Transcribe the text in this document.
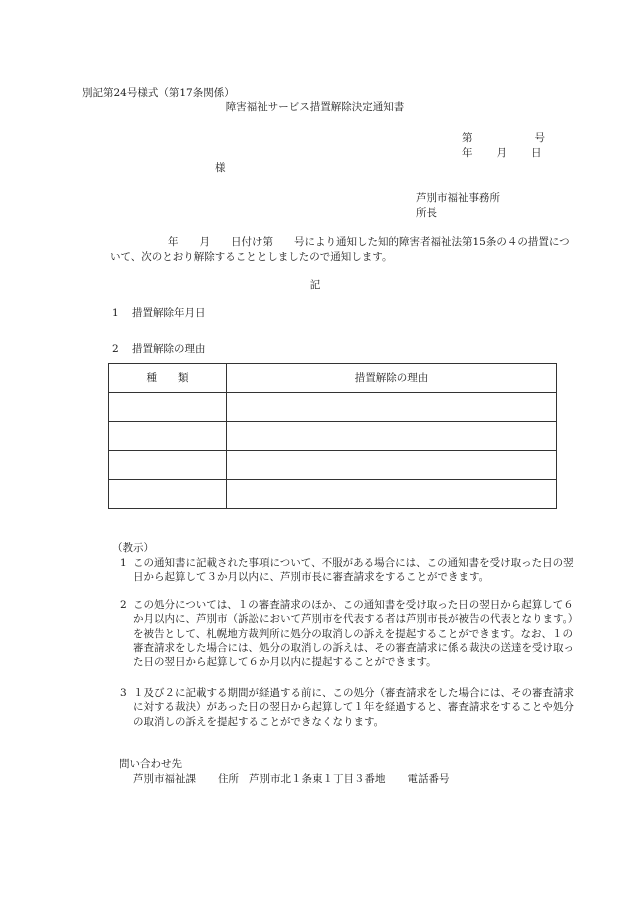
別記第24号様式（第17条関係）
障害福祉サービス措置解除決定通知書
第	号
年 月 日
様
芦別市福祉事務所
所長
年　　月　　日付け第　　号により通知した知的障害者福祉法第15条の４の措置について、次のとおり解除することとしましたので通知します。
記
1 措置解除年月日
2 措置解除の理由
種　　類	措置解除の理由

（教示）
1 この通知書に記載された事項について、不服がある場合には、この通知書を受け取った日の翌日から起算して３か月以内に、芦別市長に審査請求をすることができます。
2 この処分については、１の審査請求のほか、この通知書を受け取った日の翌日から起算して６か月以内に、芦別市（訴訟において芦別市を代表する者は芦別市長が被告の代表となります。）を被告として、札幌地方裁判所に処分の取消しの訴えを提起することができます。なお、１の審査請求をした場合には、処分の取消しの訴えは、その審査請求に係る裁決の送達を受け取った日の翌日から起算して６か月以内に提起することができます。
3 １及び２に記載する期間が経過する前に、この処分（審査請求をした場合には、その審査請求に対する裁決）があった日の翌日から起算して１年を経過すると、審査請求をすることや処分の取消しの訴えを提起することができなくなります。
問い合わせ先
芦別市福祉課 住所 芦別市北１条東１丁目３番地 電話番号
